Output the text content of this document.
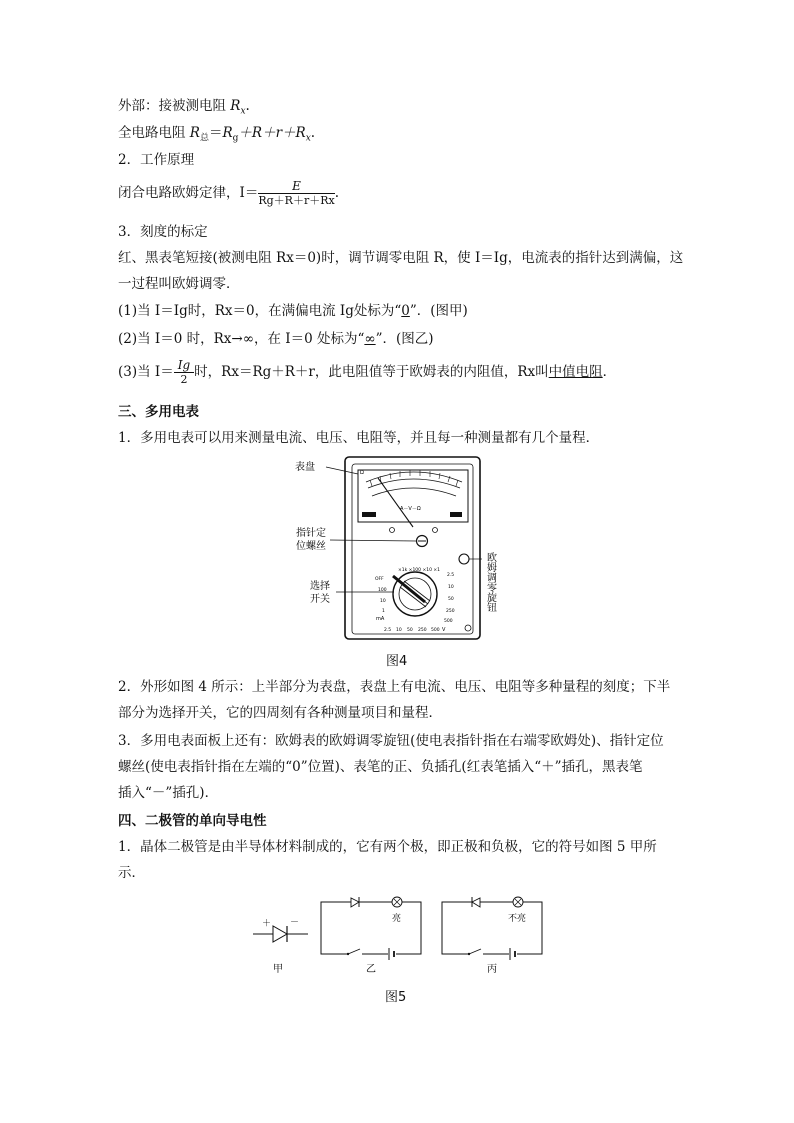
外部：接被测电阻 $R_x$.
全电路电阻 $R_总=R_g+R+r+R_x$.
2．工作原理
闭合电路欧姆定律，$I= \frac{E}{Rg+R+r+Rx}$ .
3．刻度的标定
红、黑表笔短接(被测电阻 Rx＝0)时，调节调零电阻 R，使 I＝Ig，电流表的指针达到满偏，这
一过程叫欧姆调零．
(1)当 I＝Ig时，Rx＝0，在满偏电流 Ig处标为“0”．(图甲)
(2)当 I＝0 时，Rx→∞，在 I＝0 处标为“∞”．(图乙)
(3)当 $I= \frac{Ig}{2}$ 时，Rx＝Rg＋R＋r，此电阻值等于欧姆表的内阻值，Rx叫中值电阻．
三、多用电表
1．多用电表可以用来测量电流、电压、电阻等，并且每一种测量都有几个量程．
Ω
A－V－Ω
×1k ×100 ×10 ×1
OFF
100
10
1
mA
2.5
10
50
250
500
2.5 10 50 250 500 V
表盘
指针定
位螺丝
选择
开关	欧姆调零旋钮
图4
2．外形如图 4 所示：上半部分为表盘，表盘上有电流、电压、电阻等多种量程的刻度；下半
部分为选择开关，它的四周刻有各种测量项目和量程．
3．多用电表面板上还有：欧姆表的欧姆调零旋钮(使电表指针指在右端零欧姆处)、指针定位
螺丝(使电表指针指在左端的“0”位置)、表笔的正、负插孔(红表笔插入“＋”插孔，黑表笔
插入“－”插孔)．
四、二极管的单向导电性
1．晶体二极管是由半导体材料制成的，它有两个极，即正极和负极，它的符号如图 5 甲所
示．
＋ －
甲
亮
乙
不亮
丙
图5
